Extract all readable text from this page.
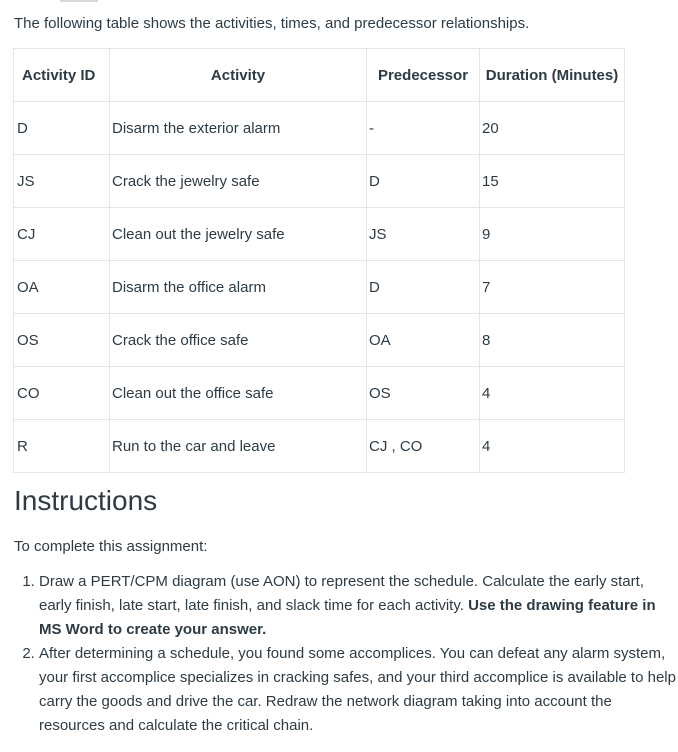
The following table shows the activities, times, and predecessor relationships.

Activity ID	Activity	Predecessor	Duration (Minutes)
D	Disarm the exterior alarm	-	20
JS	Crack the jewelry safe	D	15
CJ	Clean out the jewelry safe	JS	9
OA	Disarm the office alarm	D	7
OS	Crack the office safe	OA	8
CO	Clean out the office safe	OS	4
R	Run to the car and leave	CJ , CO	4
Instructions

To complete this assignment:

1. Draw a PERT/CPM diagram (use AON) to represent the schedule. Calculate the early start, early finish, late start, late finish, and slack time for each activity. Use the drawing feature in MS Word to create your answer.
2. After determining a schedule, you found some accomplices. You can defeat any alarm system, your first accomplice specializes in cracking safes, and your third accomplice is available to help carry the goods and drive the car. Redraw the network diagram taking into account the resources and calculate the critical chain.
